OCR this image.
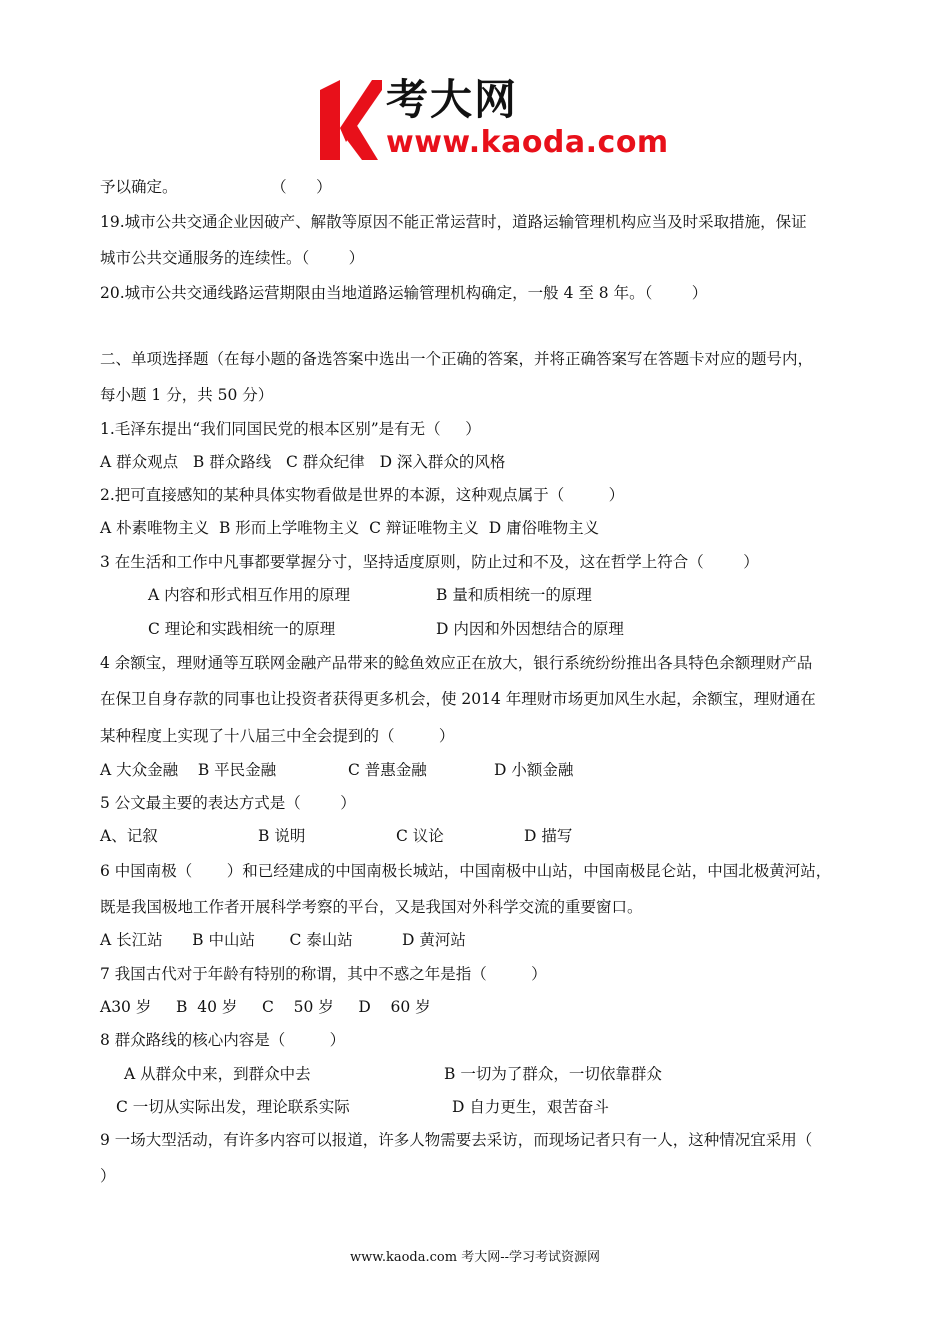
考大网
www.kaoda.com
予以确定。                   （      ）
19.城市公共交通企业因破产、解散等原因不能正常运营时，道路运输管理机构应当及时采取措施，保证
城市公共交通服务的连续性。（        ）
20.城市公共交通线路运营期限由当地道路运输管理机构确定，一般 4 至 8 年。（        ）
二、单项选择题（在每小题的备选答案中选出一个正确的答案，并将正确答案写在答题卡对应的题号内，
每小题 1 分，共 50 分）
1.毛泽东提出“我们同国民党的根本区别”是有无（     ）
A 群众观点   B 群众路线   C 群众纪律   D 深入群众的风格
2.把可直接感知的某种具体实物看做是世界的本源，这种观点属于（         ）
A 朴素唯物主义  B 形而上学唯物主义  C 辩证唯物主义  D 庸俗唯物主义
3 在生活和工作中凡事都要掌握分寸，坚持适度原则，防止过和不及，这在哲学上符合（        ）
A 内容和形式相互作用的原理	B 量和质相统一的原理
C 理论和实践相统一的原理	D 内因和外因想结合的原理
4 余额宝，理财通等互联网金融产品带来的鲶鱼效应正在放大，银行系统纷纷推出各具特色余额理财产品
在保卫自身存款的同事也让投资者获得更多机会，使 2014 年理财市场更加风生水起，余额宝，理财通在
某种程度上实现了十八届三中全会提到的（         ）
A 大众金融    B 平民金融	C 普惠金融	D 小额金融
5 公文最主要的表达方式是（        ）
A、记叙	B 说明	C 议论	D 描写
6 中国南极（       ）和已经建成的中国南极长城站，中国南极中山站，中国南极昆仑站，中国北极黄河站，
既是我国极地工作者开展科学考察的平台，又是我国对外科学交流的重要窗口。
A 长江站      B 中山站       C 泰山站          D 黄河站
7 我国古代对于年龄有特别的称谓，其中不惑之年是指（         ）
A30 岁     B  40 岁     C    50 岁     D    60 岁
8 群众路线的核心内容是（         ）
A 从群众中来，到群众中去	B 一切为了群众，一切依靠群众
C 一切从实际出发，理论联系实际	D 自力更生，艰苦奋斗
9 一场大型活动，有许多内容可以报道，许多人物需要去采访，而现场记者只有一人，这种情况宜采用（
）
www.kaoda.com 考大网--学习考试资源网
